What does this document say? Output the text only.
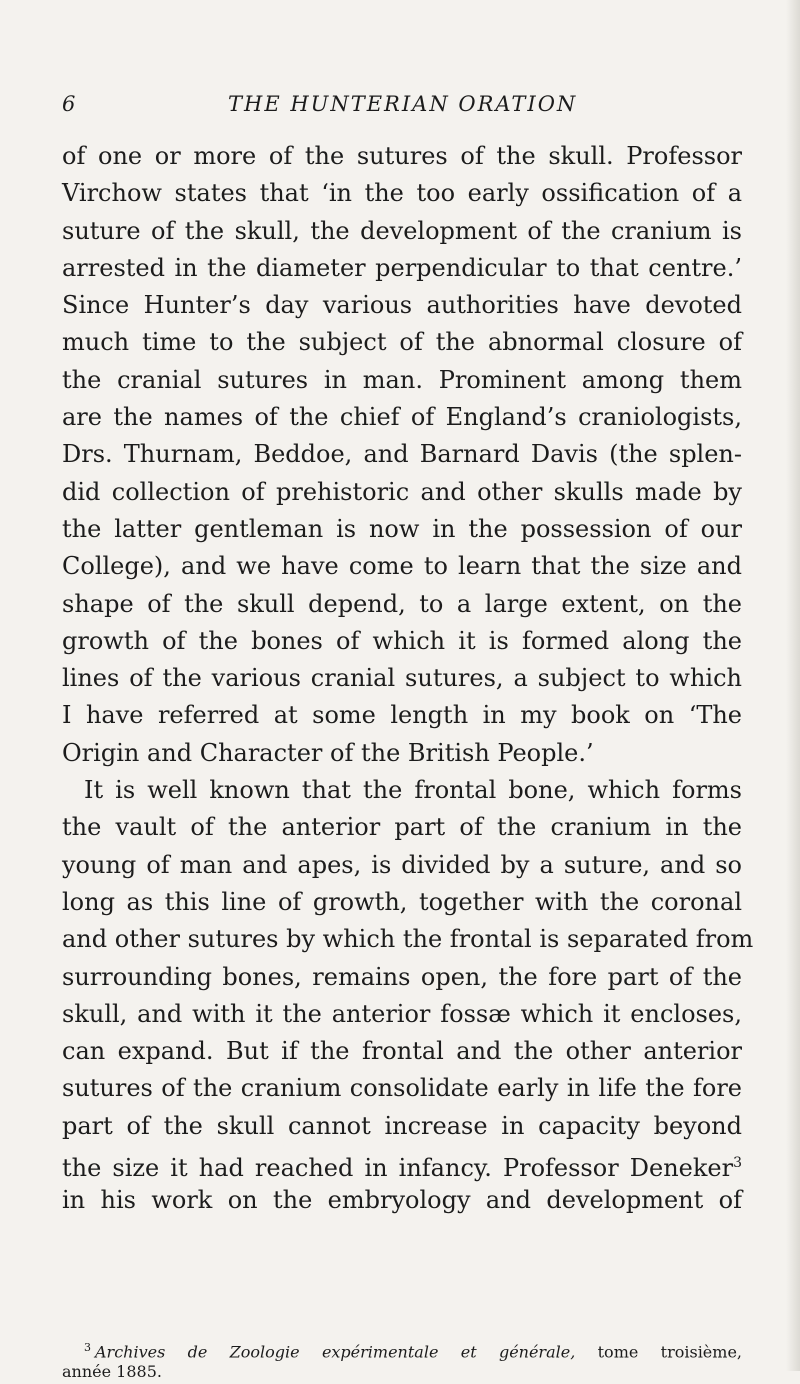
6	THE HUNTERIAN ORATION
of one or more of the sutures of the skull. Professor
Virchow states that ‘in the too early ossification of a
suture of the skull, the development of the cranium is
arrested in the diameter perpendicular to that centre.’
Since Hunter’s day various authorities have devoted
much time to the subject of the abnormal closure of
the cranial sutures in man. Prominent among them
are the names of the chief of England’s craniologists,
Drs. Thurnam, Beddoe, and Barnard Davis (the splen-
did collection of prehistoric and other skulls made by
the latter gentleman is now in the possession of our
College), and we have come to learn that the size and
shape of the skull depend, to a large extent, on the
growth of the bones of which it is formed along the
lines of the various cranial sutures, a subject to which
I have referred at some length in my book on ‘The
Origin and Character of the British People.’
It is well known that the frontal bone, which forms
the vault of the anterior part of the cranium in the
young of man and apes, is divided by a suture, and so
long as this line of growth, together with the coronal
and other sutures by which the frontal is separated from
surrounding bones, remains open, the fore part of the
skull, and with it the anterior fossæ which it encloses,
can expand. But if the frontal and the other anterior
sutures of the cranium consolidate early in life the fore
part of the skull cannot increase in capacity beyond
the size it had reached in infancy. Professor Deneker$^3$
in his work on the embryology and development of
$^3$ Archives de Zoologie expérimentale et générale, tome troisième,
année 1885.
